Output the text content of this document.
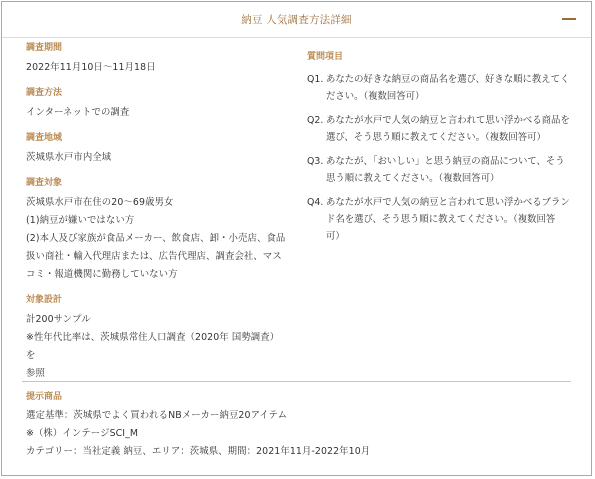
納豆 人気調査方法詳細

調査期間

2022年11月10日～11月18日

調査方法

インターネットでの調査

調査地域

茨城県水戸市内全域

調査対象

茨城県水戸市在住の20～69歳男女
(1)納豆が嫌いではない方
(2)本人及び家族が食品メーカー、飲食店、卸・小売店、食品
扱い商社・輸入代理店または、広告代理店、調査会社、マス
コミ・報道機関に勤務していない方

対象設計

計200サンプル
※性年代比率は、茨城県常住人口調査（2020年 国勢調査）を
参照

質問項目

Q1. あなたの好きな納豆の商品名を選び、好きな順に教えてく
ださい。（複数回答可）
Q2. あなたが水戸で人気の納豆と言われて思い浮かべる商品を
選び、そう思う順に教えてください。（複数回答可）
Q3. あなたが、「おいしい」と思う納豆の商品について、そう
思う順に教えてください。（複数回答可）
Q4. あなたが水戸で人気の納豆と言われて思い浮かべるブラン
ド名を選び、そう思う順に教えてください。（複数回答
可）

提示商品

選定基準：茨城県でよく買われるNBメーカー納豆20アイテム
※（株）インテージSCI_M
カテゴリー：当社定義 納豆、エリア：茨城県、期間：2021年11月-2022年10月
